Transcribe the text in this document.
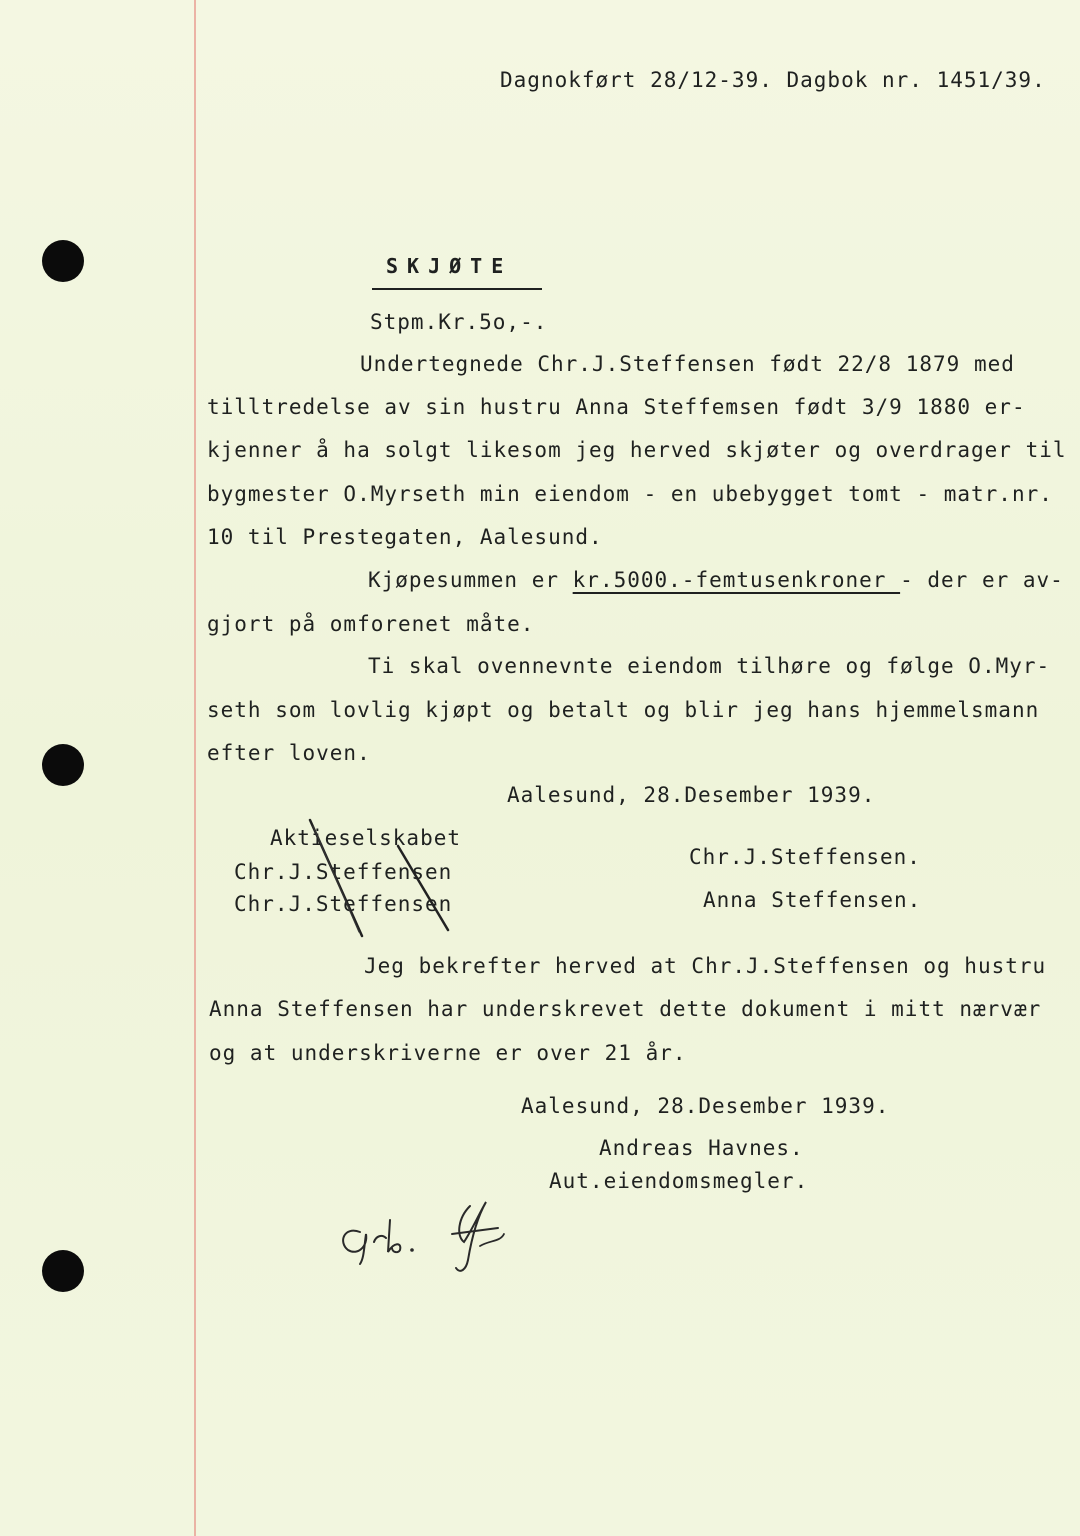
Dagnokført 28/12-39. Dagbok nr. 1451/39.
SKJØTE
Stpm.Kr.5o,-.
Undertegnede Chr.J.Steffensen født 22/8 1879 med
tilltredelse av sin hustru Anna Steffemsen født 3/9 1880 er-
kjenner å ha solgt likesom jeg herved skjøter og overdrager til
bygmester O.Myrseth min eiendom - en ubebygget tomt - matr.nr.
10 til Prestegaten, Aalesund.
Kjøpesummen er kr.5000.-femtusenkroner - der er av-
gjort på omforenet måte.
Ti skal ovennevnte eiendom tilhøre og følge O.Myr-
seth som lovlig kjøpt og betalt og blir jeg hans hjemmelsmann
efter loven.
Aalesund, 28.Desember 1939.
Aktieselskabet
Chr.J.Steffensen
Chr.J.Steffensen
Chr.J.Steffensen.
Anna Steffensen.
Jeg bekrefter herved at Chr.J.Steffensen og hustru
Anna Steffensen har underskrevet dette dokument i mitt nærvær
og at underskriverne er over 21 år.
Aalesund, 28.Desember 1939.
Andreas Havnes.
Aut.eiendomsmegler.
